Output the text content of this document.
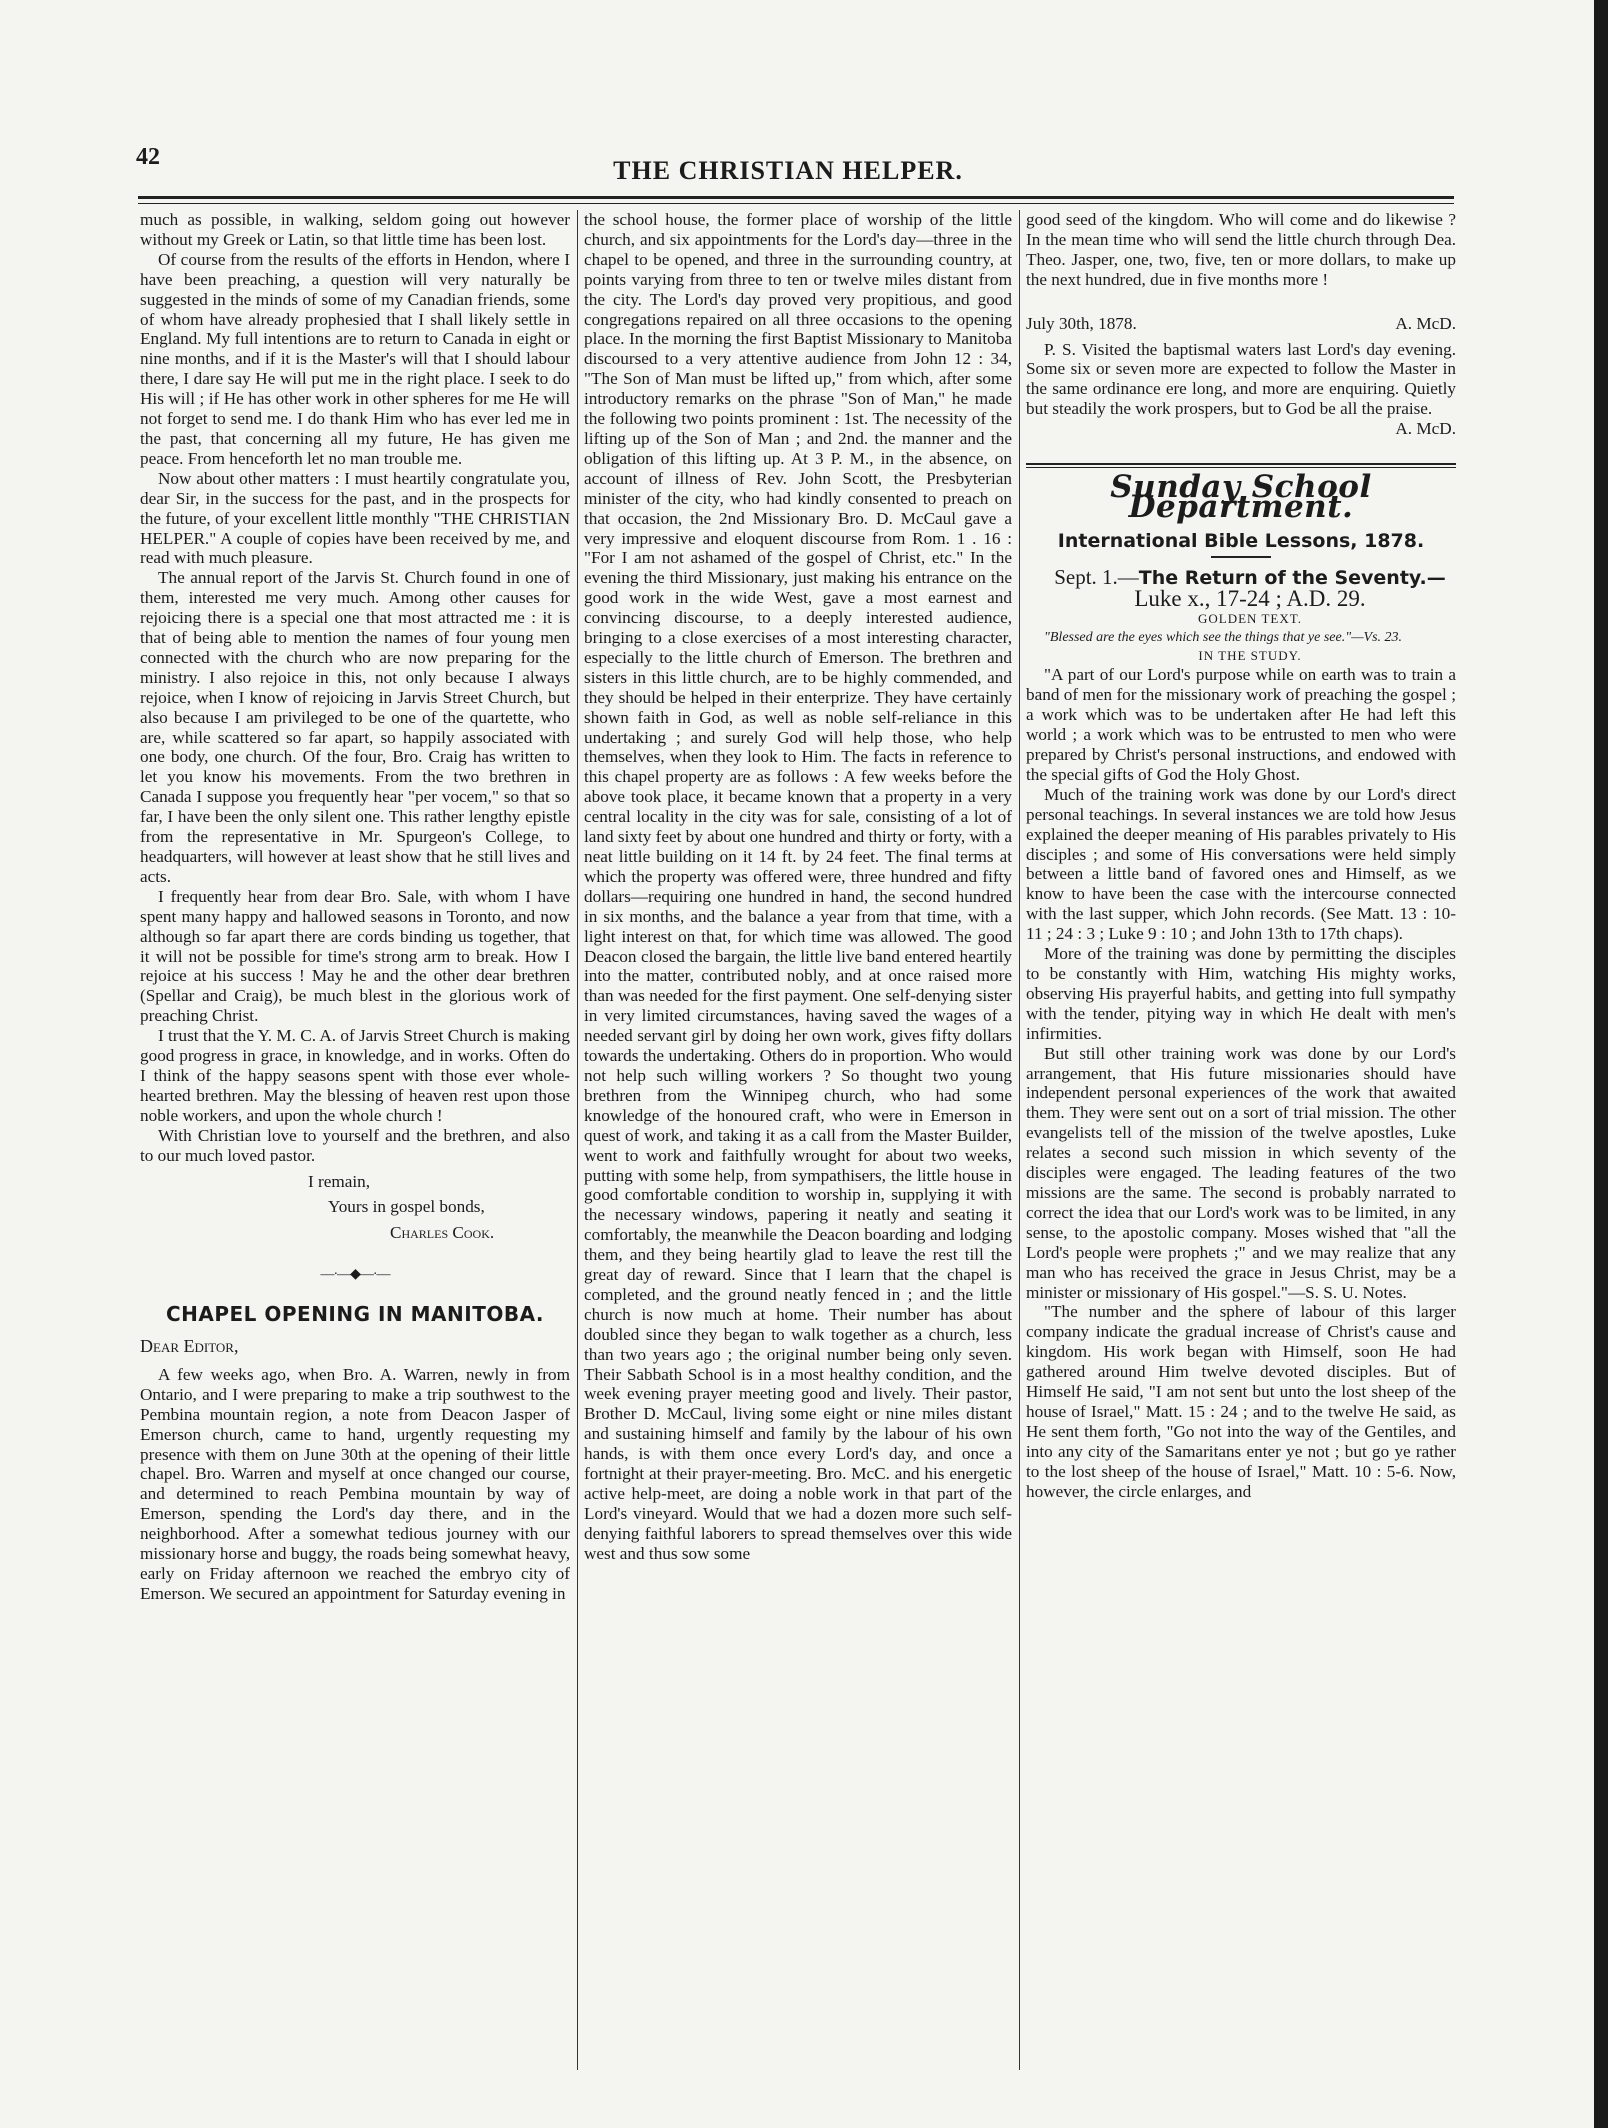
42	THE CHRISTIAN HELPER.

much as possible, in walking, seldom going out however without my Greek or Latin, so that little time has been lost.

Of course from the results of the efforts in Hendon, where I have been preaching, a question will very naturally be suggested in the minds of some of my Canadian friends, some of whom have already prophesied that I shall likely settle in England. My full intentions are to return to Canada in eight or nine months, and if it is the Master's will that I should labour there, I dare say He will put me in the right place. I seek to do His will ; if He has other work in other spheres for me He will not forget to send me. I do thank Him who has ever led me in the past, that concerning all my future, He has given me peace. From henceforth let no man trouble me.

Now about other matters : I must heartily congratulate you, dear Sir, in the success for the past, and in the prospects for the future, of your excellent little monthly "THE CHRISTIAN HELPER." A couple of copies have been received by me, and read with much pleasure.

The annual report of the Jarvis St. Church found in one of them, interested me very much. Among other causes for rejoicing there is a special one that most attracted me : it is that of being able to mention the names of four young men connected with the church who are now preparing for the ministry. I also rejoice in this, not only because I always rejoice, when I know of rejoicing in Jarvis Street Church, but also because I am privileged to be one of the quartette, who are, while scattered so far apart, so happily associated with one body, one church. Of the four, Bro. Craig has written to let you know his movements. From the two brethren in Canada I suppose you frequently hear "per vocem," so that so far, I have been the only silent one. This rather lengthy epistle from the representative in Mr. Spurgeon's College, to headquarters, will however at least show that he still lives and acts.

I frequently hear from dear Bro. Sale, with whom I have spent many happy and hallowed seasons in Toronto, and now although so far apart there are cords binding us together, that it will not be possible for time's strong arm to break. How I rejoice at his success ! May he and the other dear brethren (Spellar and Craig), be much blest in the glorious work of preaching Christ.

I trust that the Y. M. C. A. of Jarvis Street Church is making good progress in grace, in knowledge, and in works. Often do I think of the happy seasons spent with those ever whole-hearted brethren. May the blessing of heaven rest upon those noble workers, and upon the whole church !

With Christian love to yourself and the brethren, and also to our much loved pastor.

I remain,

Yours in gospel bonds,

Charles Cook.

—·—◆—·—
CHAPEL OPENING IN MANITOBA.

Dear Editor,

A few weeks ago, when Bro. A. Warren, newly in from Ontario, and I were preparing to make a trip southwest to the Pembina mountain region, a note from Deacon Jasper of Emerson church, came to hand, urgently requesting my presence with them on June 30th at the opening of their little chapel. Bro. Warren and myself at once changed our course, and determined to reach Pembina mountain by way of Emerson, spending the Lord's day there, and in the neighborhood. After a somewhat tedious journey with our missionary horse and buggy, the roads being somewhat heavy, early on Friday afternoon we reached the embryo city of Emerson. We secured an appointment for Saturday evening in

the school house, the former place of worship of the little church, and six appointments for the Lord's day—three in the chapel to be opened, and three in the surrounding country, at points varying from three to ten or twelve miles distant from the city. The Lord's day proved very propitious, and good congregations repaired on all three occasions to the opening place. In the morning the first Baptist Missionary to Manitoba discoursed to a very attentive audience from John 12 : 34, "The Son of Man must be lifted up," from which, after some introductory remarks on the phrase "Son of Man," he made the following two points prominent : 1st. The necessity of the lifting up of the Son of Man ; and 2nd. the manner and the obligation of this lifting up. At 3 P. M., in the absence, on account of illness of Rev. John Scott, the Presbyterian minister of the city, who had kindly consented to preach on that occasion, the 2nd Missionary Bro. D. McCaul gave a very impressive and eloquent discourse from Rom. 1 . 16 : "For I am not ashamed of the gospel of Christ, etc." In the evening the third Missionary, just making his entrance on the good work in the wide West, gave a most earnest and convincing discourse, to a deeply interested audience, bringing to a close exercises of a most interesting character, especially to the little church of Emerson. The brethren and sisters in this little church, are to be highly commended, and they should be helped in their enterprize. They have certainly shown faith in God, as well as noble self-reliance in this undertaking ; and surely God will help those, who help themselves, when they look to Him. The facts in reference to this chapel property are as follows : A few weeks before the above took place, it became known that a property in a very central locality in the city was for sale, consisting of a lot of land sixty feet by about one hundred and thirty or forty, with a neat little building on it 14 ft. by 24 feet. The final terms at which the property was offered were, three hundred and fifty dollars—requiring one hundred in hand, the second hundred in six months, and the balance a year from that time, with a light interest on that, for which time was allowed. The good Deacon closed the bargain, the little live band entered heartily into the matter, contributed nobly, and at once raised more than was needed for the first payment. One self-denying sister in very limited circumstances, having saved the wages of a needed servant girl by doing her own work, gives fifty dollars towards the undertaking. Others do in proportion. Who would not help such willing workers ? So thought two young brethren from the Winnipeg church, who had some knowledge of the honoured craft, who were in Emerson in quest of work, and taking it as a call from the Master Builder, went to work and faithfully wrought for about two weeks, putting with some help, from sympathisers, the little house in good comfortable condition to worship in, supplying it with the necessary windows, papering it neatly and seating it comfortably, the meanwhile the Deacon boarding and lodging them, and they being heartily glad to leave the rest till the great day of reward. Since that I learn that the chapel is completed, and the ground neatly fenced in ; and the little church is now much at home. Their number has about doubled since they began to walk together as a church, less than two years ago ; the original number being only seven. Their Sabbath School is in a most healthy condition, and the week evening prayer meeting good and lively. Their pastor, Brother D. McCaul, living some eight or nine miles distant and sustaining himself and family by the labour of his own hands, is with them once every Lord's day, and once a fortnight at their prayer-meeting. Bro. McC. and his energetic active help-meet, are doing a noble work in that part of the Lord's vineyard. Would that we had a dozen more such self-denying faithful laborers to spread themselves over this wide west and thus sow some

good seed of the kingdom. Who will come and do likewise ? In the mean time who will send the little church through Dea. Theo. Jasper, one, two, five, ten or more dollars, to make up the next hundred, due in five months more !

July 30th, 1878.	A. McD.

P. S. Visited the baptismal waters last Lord's day evening. Some six or seven more are expected to follow the Master in the same ordinance ere long, and more are enquiring. Quietly but steadily the work prospers, but to God be all the praise.

A. McD.

Sunday School Department.
International Bible Lessons, 1878.

Sept. 1.—The Return of the Seventy.—

Luke x., 17-24 ; A.D. 29.

GOLDEN TEXT.

"Blessed are the eyes which see the things that ye see."—Vs. 23.

IN THE STUDY.

"A part of our Lord's purpose while on earth was to train a band of men for the missionary work of preaching the gospel ; a work which was to be undertaken after He had left this world ; a work which was to be entrusted to men who were prepared by Christ's personal instructions, and endowed with the special gifts of God the Holy Ghost.

Much of the training work was done by our Lord's direct personal teachings. In several instances we are told how Jesus explained the deeper meaning of His parables privately to His disciples ; and some of His conversations were held simply between a little band of favored ones and Himself, as we know to have been the case with the intercourse connected with the last supper, which John records. (See Matt. 13 : 10-11 ; 24 : 3 ; Luke 9 : 10 ; and John 13th to 17th chaps).

More of the training was done by permitting the disciples to be constantly with Him, watching His mighty works, observing His prayerful habits, and getting into full sympathy with the tender, pitying way in which He dealt with men's infirmities.

But still other training work was done by our Lord's arrangement, that His future missionaries should have independent personal experiences of the work that awaited them. They were sent out on a sort of trial mission. The other evangelists tell of the mission of the twelve apostles, Luke relates a second such mission in which seventy of the disciples were engaged. The leading features of the two missions are the same. The second is probably narrated to correct the idea that our Lord's work was to be limited, in any sense, to the apostolic company. Moses wished that "all the Lord's people were prophets ;" and we may realize that any man who has received the grace in Jesus Christ, may be a minister or missionary of His gospel."—S. S. U. Notes.

"The number and the sphere of labour of this larger company indicate the gradual increase of Christ's cause and kingdom. His work began with Himself, soon He had gathered around Him twelve devoted disciples. But of Himself He said, "I am not sent but unto the lost sheep of the house of Israel," Matt. 15 : 24 ; and to the twelve He said, as He sent them forth, "Go not into the way of the Gentiles, and into any city of the Samaritans enter ye not ; but go ye rather to the lost sheep of the house of Israel," Matt. 10 : 5-6. Now, however, the circle enlarges, and
